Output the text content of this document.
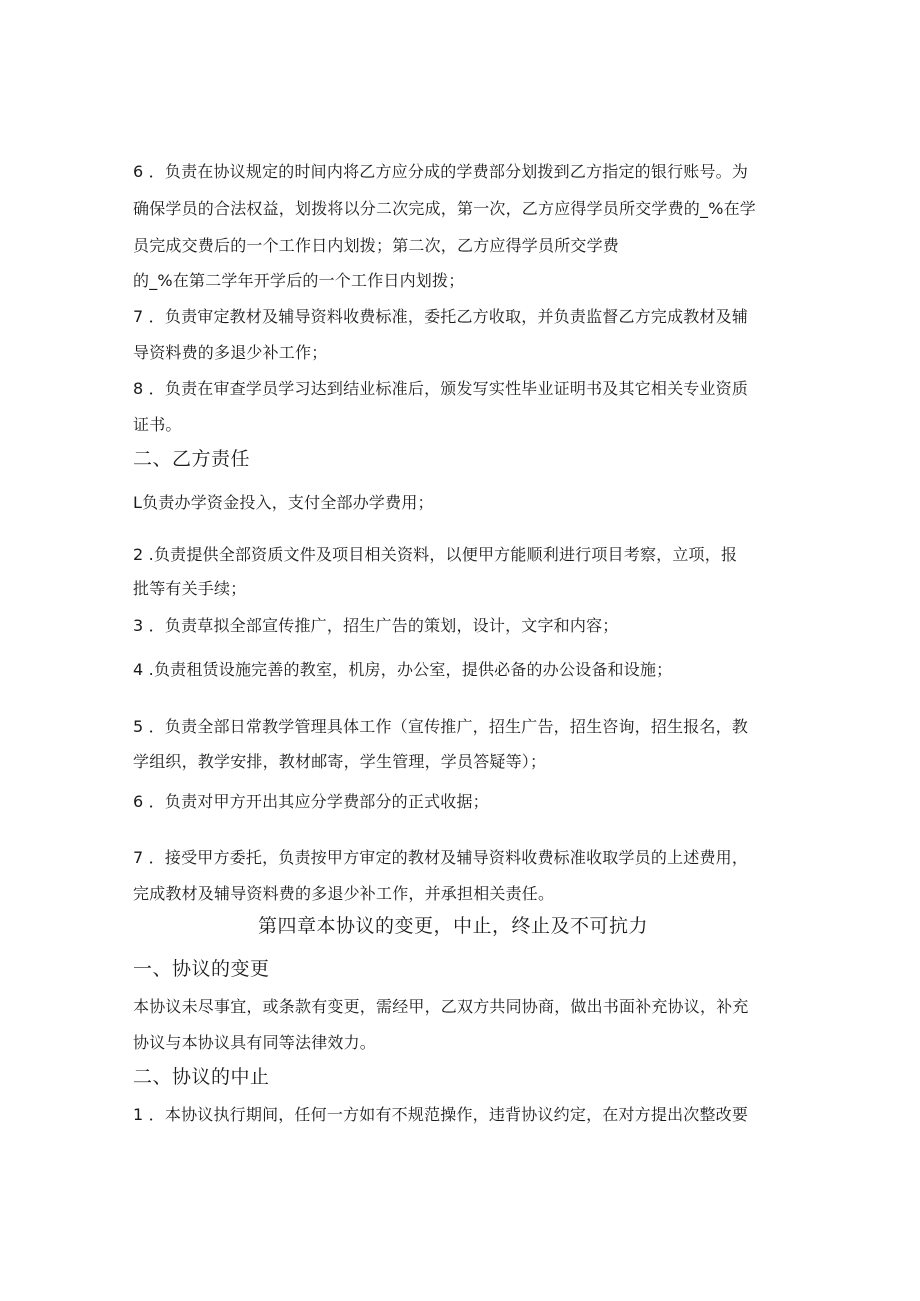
6 ．负责在协议规定的时间内将乙方应分成的学费部分划拨到乙方指定的银行账号。为
确保学员的合法权益，划拨将以分二次完成，第一次，乙方应得学员所交学费的_%在学
员完成交费后的一个工作日内划拨；第二次，乙方应得学员所交学费
的_%在第二学年开学后的一个工作日内划拨；
7 ．负责审定教材及辅导资料收费标准，委托乙方收取，并负责监督乙方完成教材及辅
导资料费的多退少补工作；
8 ．负责在审查学员学习达到结业标准后，颁发写实性毕业证明书及其它相关专业资质
证书。
二、乙方责任
L负责办学资金投入，支付全部办学费用；
2 .负责提供全部资质文件及项目相关资料，以便甲方能顺利进行项目考察，立项，报
批等有关手续；
3 ．负责草拟全部宣传推广，招生广告的策划，设计，文字和内容；
4 .负责租赁设施完善的教室，机房，办公室，提供必备的办公设备和设施；
5 ．负责全部日常教学管理具体工作（宣传推广，招生广告，招生咨询，招生报名，教
学组织，教学安排，教材邮寄，学生管理，学员答疑等）；
6 ．负责对甲方开出其应分学费部分的正式收据；
7 ．接受甲方委托，负责按甲方审定的教材及辅导资料收费标准收取学员的上述费用，
完成教材及辅导资料费的多退少补工作，并承担相关责任。
第四章本协议的变更，中止，终止及不可抗力
一、协议的变更
本协议未尽事宜，或条款有变更，需经甲，乙双方共同协商，做出书面补充协议，补充
协议与本协议具有同等法律效力。
二、协议的中止
1 ．本协议执行期间，任何一方如有不规范操作，违背协议约定，在对方提出次整改要
